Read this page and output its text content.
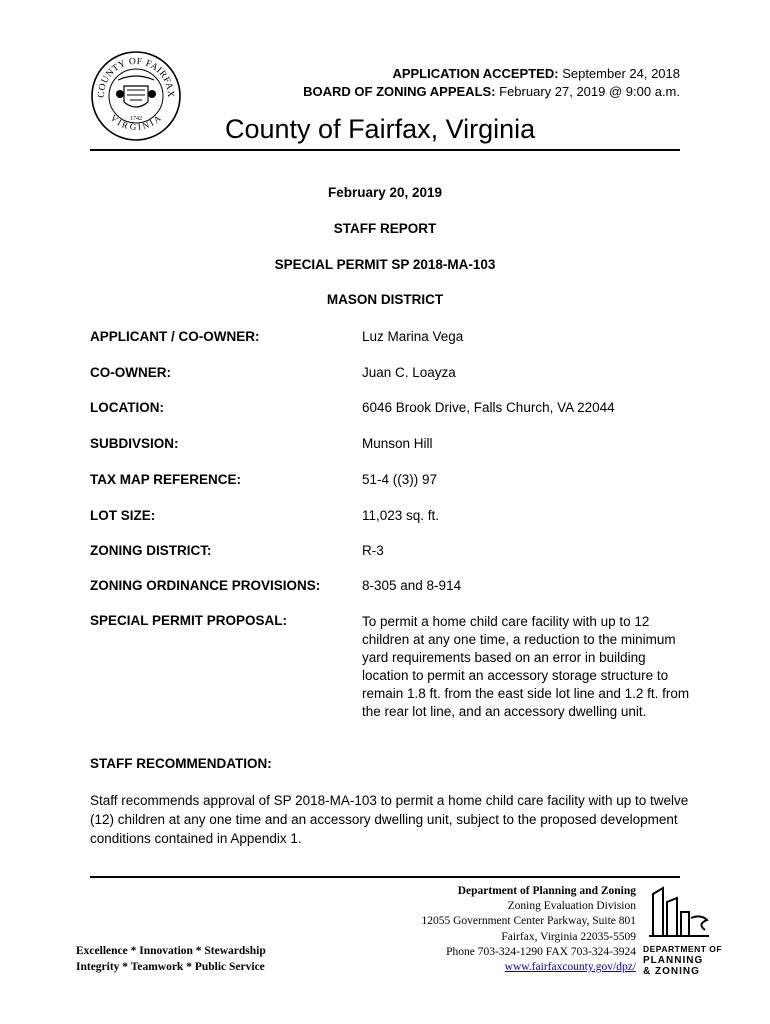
COUNTY OF FAIRFAX
VIRGINIA
1742
APPLICATION ACCEPTED: September 24, 2018
BOARD OF ZONING APPEALS: February 27, 2019 @ 9:00 a.m.
County of Fairfax, Virginia
February 20, 2019
STAFF REPORT
SPECIAL PERMIT SP 2018-MA-103
MASON DISTRICT
APPLICANT / CO-OWNER:	Luz Marina Vega
CO-OWNER:	Juan C. Loayza
LOCATION:	6046 Brook Drive, Falls Church, VA 22044
SUBDIVSION:	Munson Hill
TAX MAP REFERENCE:	51-4 ((3)) 97
LOT SIZE:	11,023 sq. ft.
ZONING DISTRICT:	R-3
ZONING ORDINANCE PROVISIONS:	8-305 and 8-914
SPECIAL PERMIT PROPOSAL:	To permit a home child care facility with up to 12 children at any one time, a reduction to the minimum yard requirements based on an error in building location to permit an accessory storage structure to remain 1.8 ft. from the east side lot line and 1.2 ft. from the rear lot line, and an accessory dwelling unit.
STAFF RECOMMENDATION:
Staff recommends approval of SP 2018-MA-103 to permit a home child care facility with up to twelve (12) children at any one time and an accessory dwelling unit, subject to the proposed development conditions contained in Appendix 1.
Excellence * Innovation * Stewardship
Integrity * Teamwork * Public Service
Department of Planning and Zoning
Zoning Evaluation Division
12055 Government Center Parkway, Suite 801
Fairfax, Virginia 22035-5509
Phone 703-324-1290 FAX 703-324-3924
www.fairfaxcounty.gov/dpz/
DEPARTMENT OF
PLANNING
& ZONING
